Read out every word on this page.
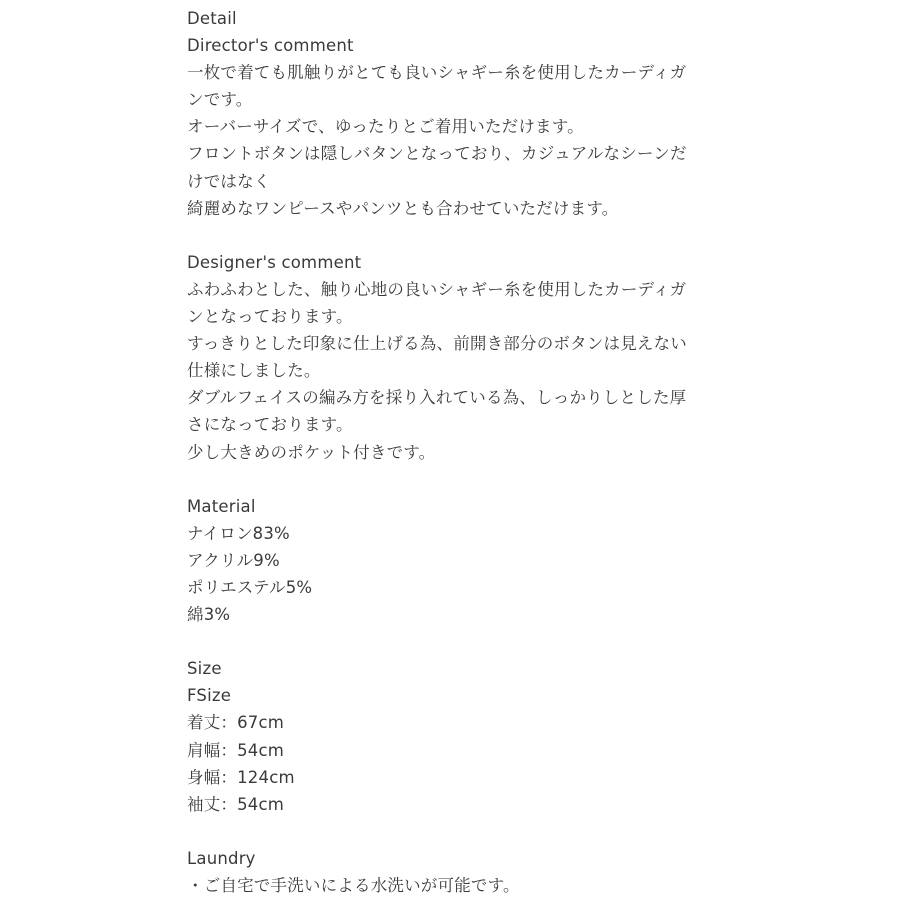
Detail
Director's comment
一枚で着ても肌触りがとても良いシャギー糸を使用したカーディガ
ンです。
オーバーサイズで、ゆったりとご着用いただけます。
フロントボタンは隠しバタンとなっており、カジュアルなシーンだ
けではなく
綺麗めなワンピースやパンツとも合わせていただけます。
Designer's comment
ふわふわとした、触り心地の良いシャギー糸を使用したカーディガ
ンとなっております。
すっきりとした印象に仕上げる為、前開き部分のボタンは見えない
仕様にしました。
ダブルフェイスの編み方を採り入れている為、しっかりしとした厚
さになっております。
少し大きめのポケット付きです。
Material
ナイロン83%
アクリル9%
ポリエステル5%
綿3%
Size
FSize
着丈：67cm
肩幅：54cm
身幅：124cm
袖丈：54cm
Laundry
・ご自宅で手洗いによる水洗いが可能です。
